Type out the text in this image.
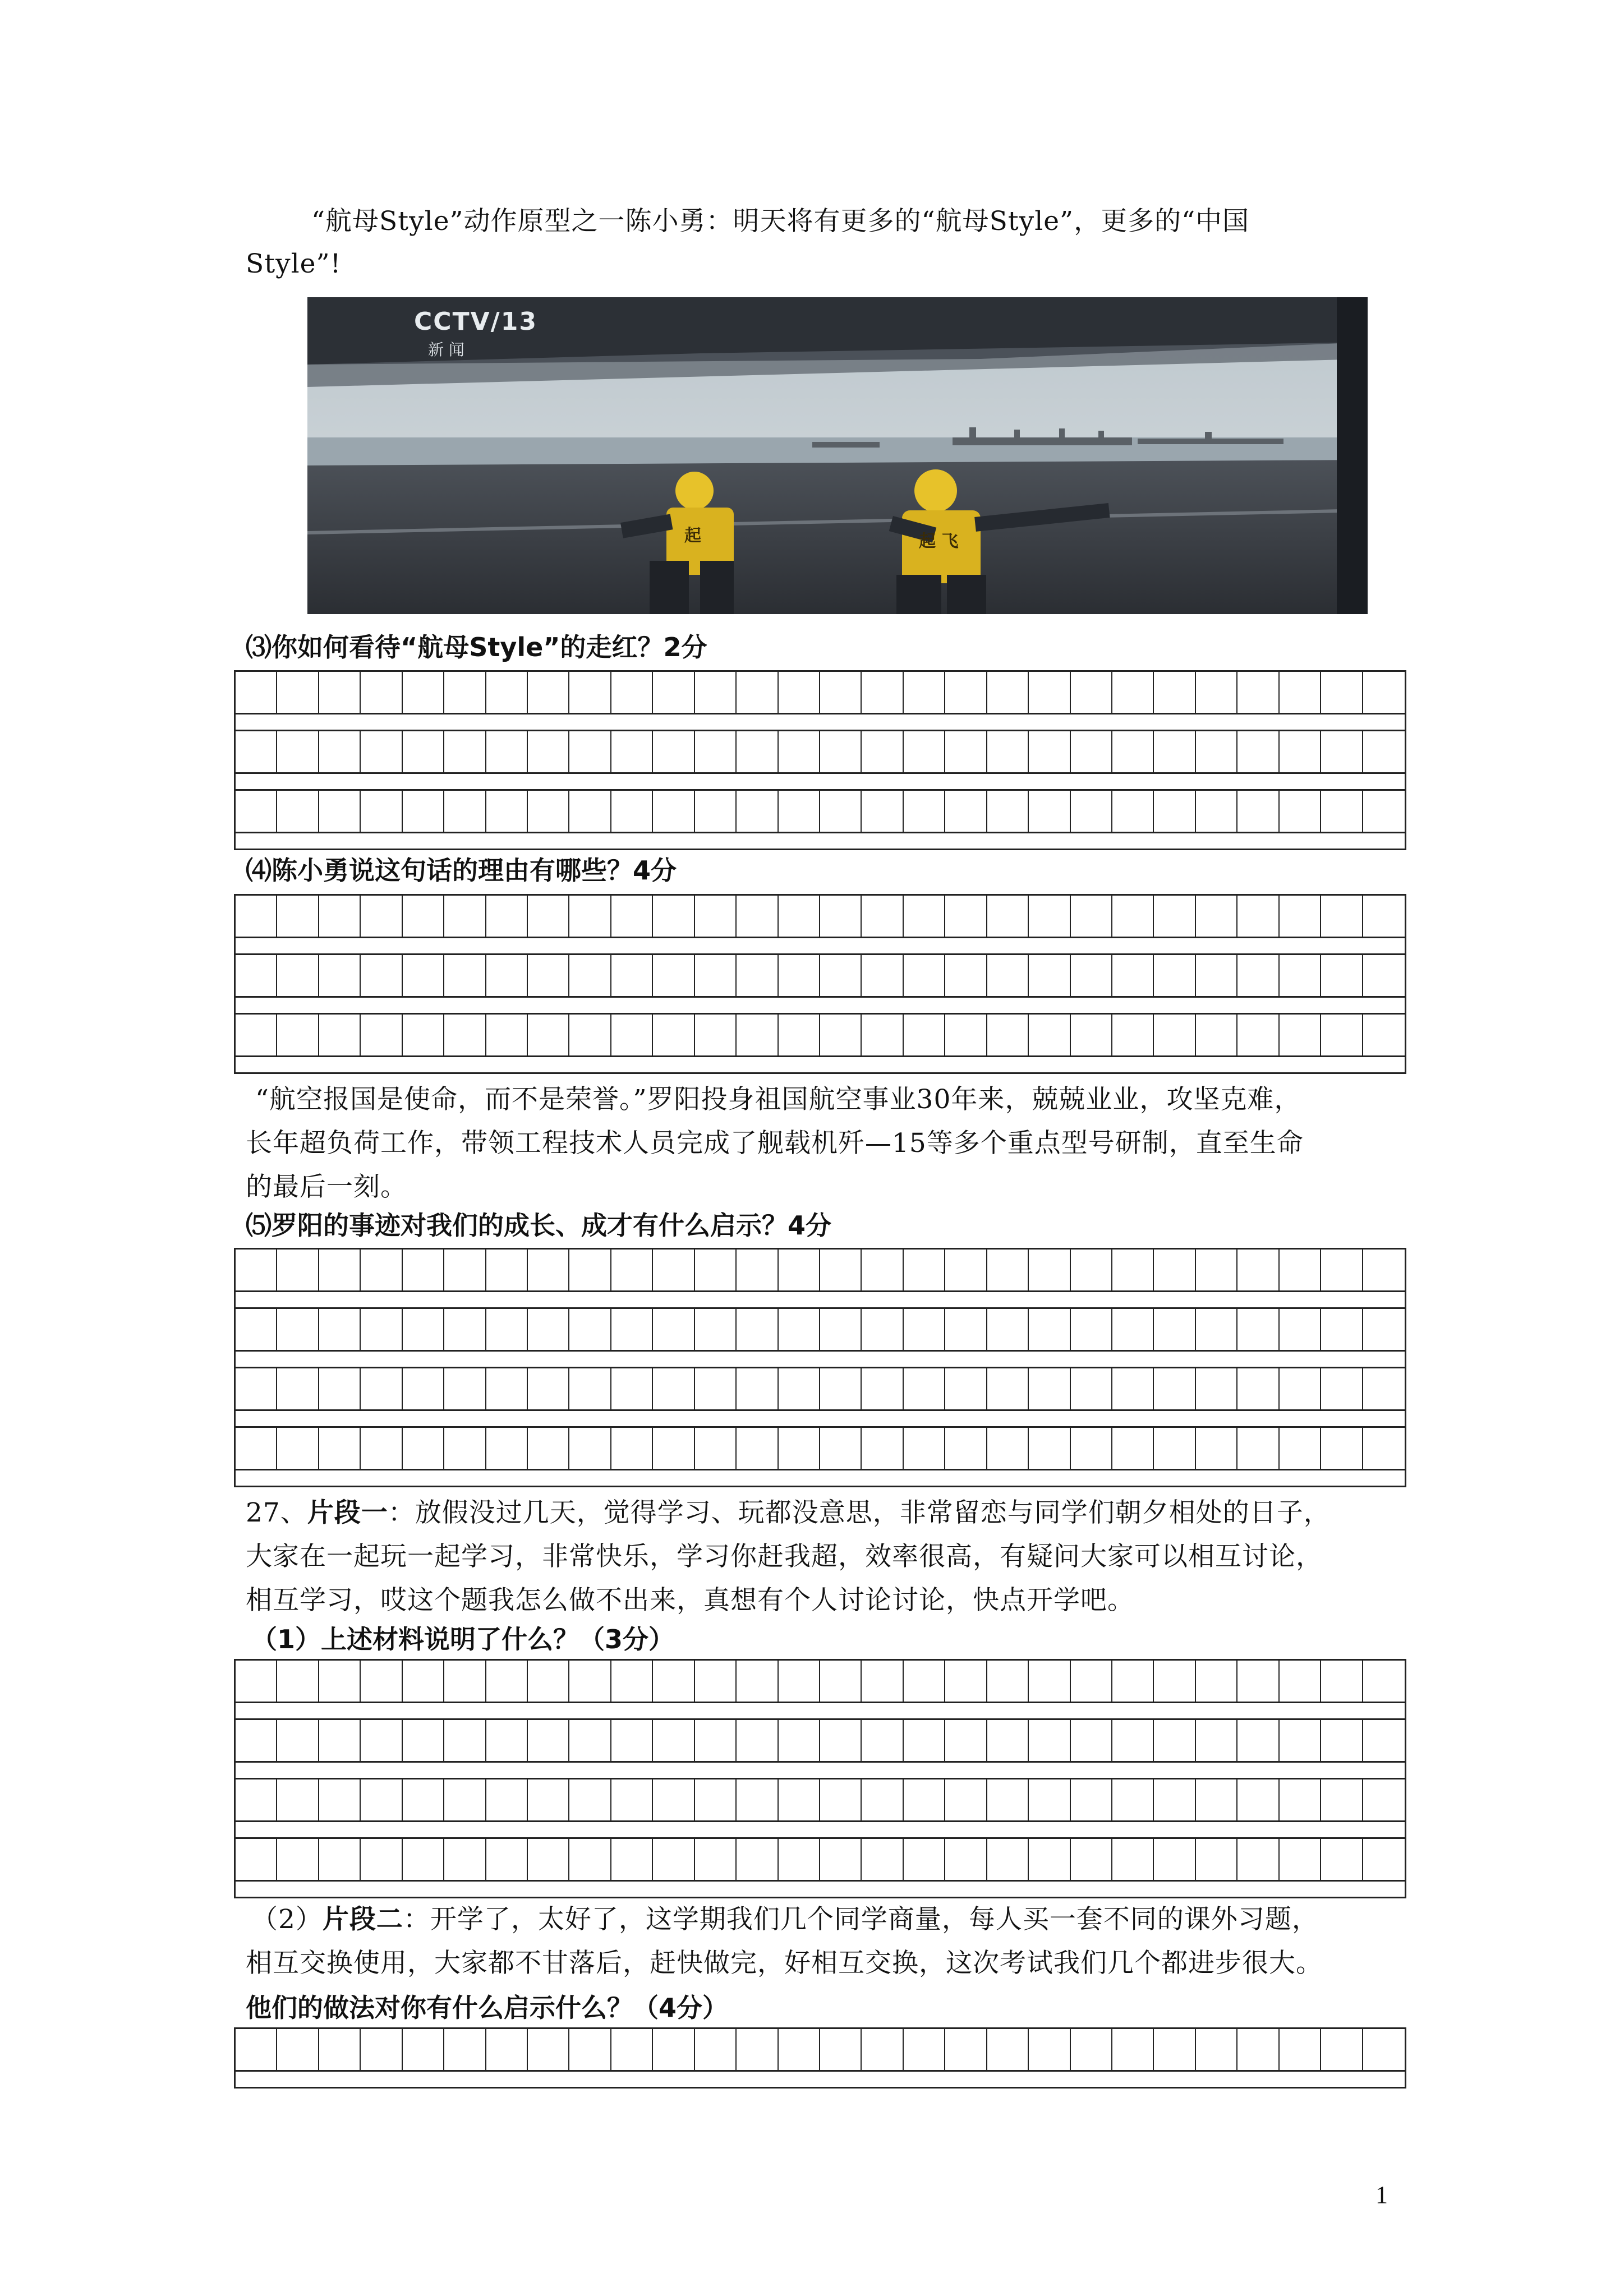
“航母Style”动作原型之一陈小勇：明天将有更多的“航母Style”，更多的“中国

Style”!

CCTV/13
新 闻
起	起 飞
⑶你如何看待“航母Style”的走红？2分
⑷陈小勇说这句话的理由有哪些？4分

“航空报国是使命，而不是荣誉。”罗阳投身祖国航空事业30年来，兢兢业业，攻坚克难，

长年超负荷工作，带领工程技术人员完成了舰载机歼—15等多个重点型号研制，直至生命

的最后一刻。

⑸罗阳的事迹对我们的成长、成才有什么启示？4分

27、片段一：放假没过几天，觉得学习、玩都没意思，非常留恋与同学们朝夕相处的日子，

大家在一起玩一起学习，非常快乐，学习你赶我超，效率很高，有疑问大家可以相互讨论，

相互学习，哎这个题我怎么做不出来，真想有个人讨论讨论，快点开学吧。

（1）上述材料说明了什么？（3分）

（2）片段二：开学了，太好了，这学期我们几个同学商量，每人买一套不同的课外习题，

相互交换使用，大家都不甘落后，赶快做完，好相互交换，这次考试我们几个都进步很大。

他们的做法对你有什么启示什么？（4分）
1
